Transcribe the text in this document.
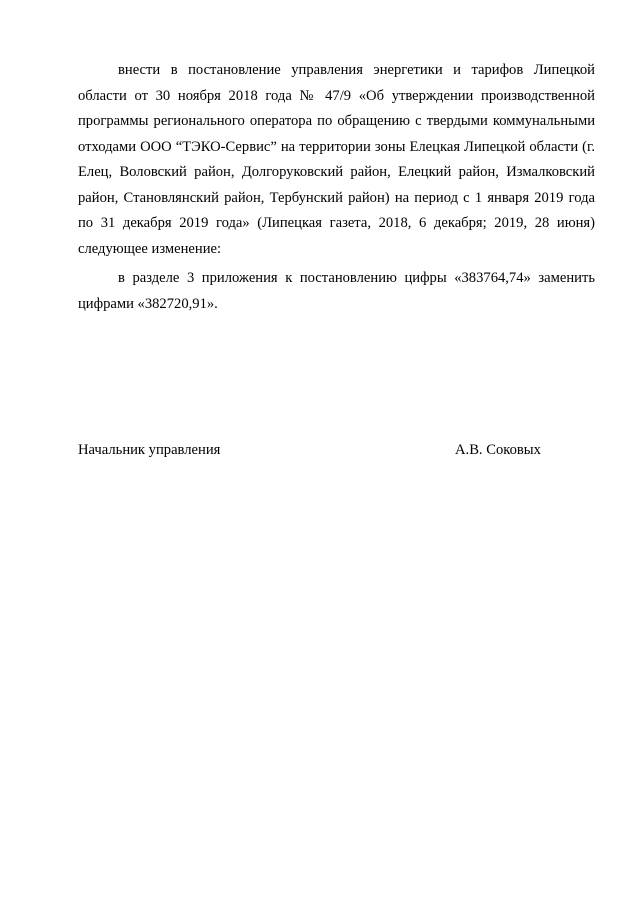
внести в постановление управления энергетики и тарифов Липецкой области от 30 ноября 2018 года № 47/9 «Об утверждении производственной программы регионального оператора по обращению с твердыми коммунальными отходами ООО “ТЭКО-Сервис” на территории зоны Елецкая Липецкой области (г. Елец, Воловский район, Долгоруковский район, Елецкий район, Измалковский район, Становлянский район, Тербунский район) на период с 1 января 2019 года по 31 декабря 2019 года» (Липецкая газета, 2018, 6 декабря; 2019, 28 июня) следующее изменение:

в разделе 3 приложения к постановлению цифры «383764,74» заменить цифрами «382720,91».

Начальник управления	А.В. Соковых
